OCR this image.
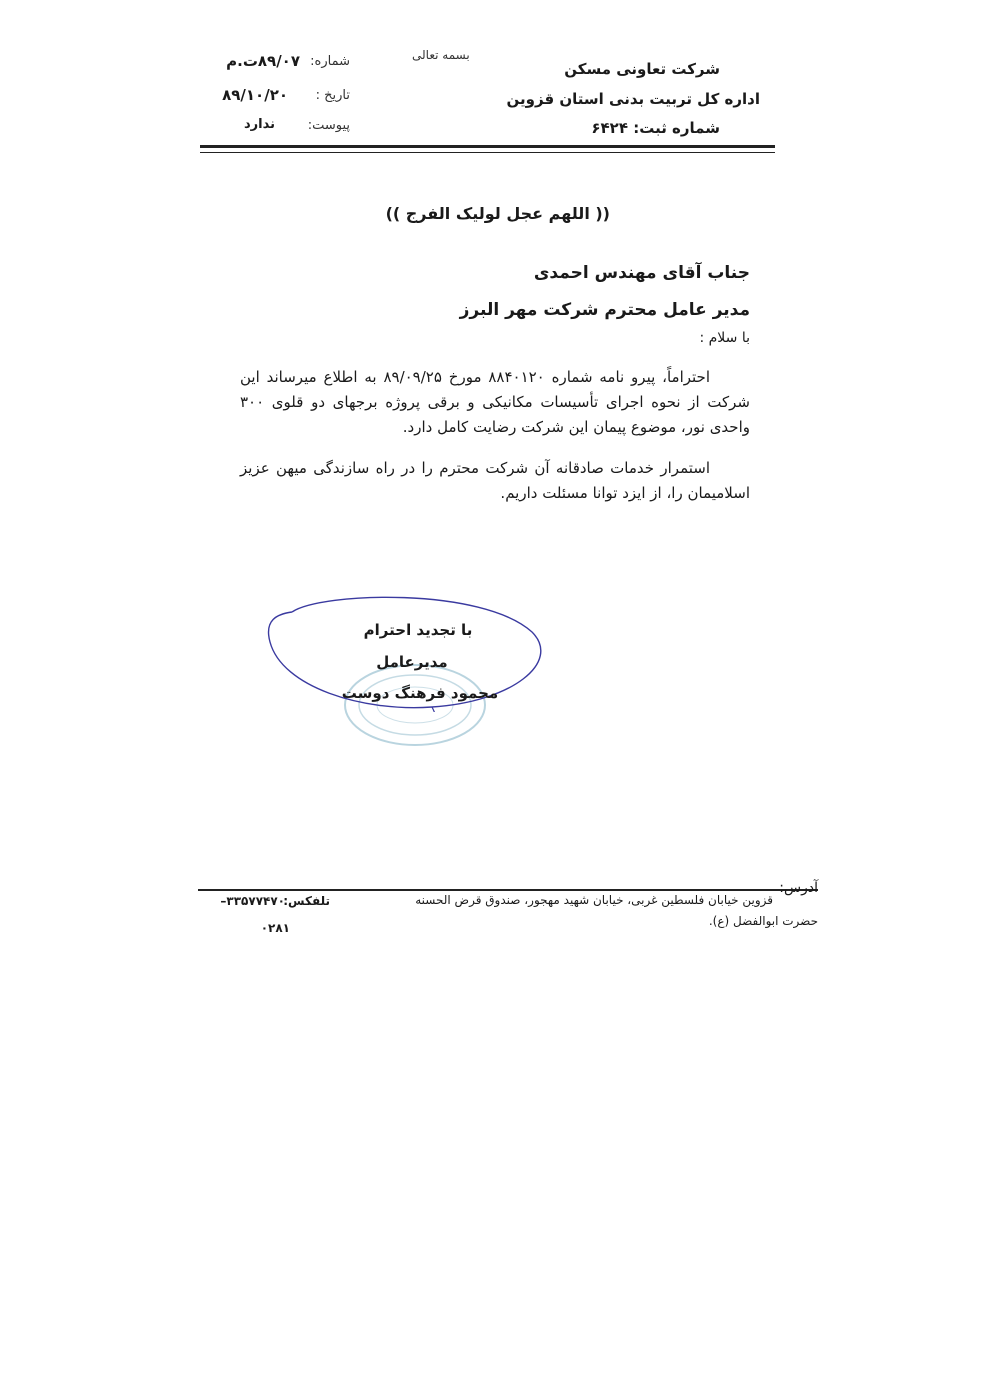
بسمه تعالی
شرکت تعاونی مسکن
اداره کل تربیت بدنی استان قزوین
شماره ثبت: ۶۴۲۴
شماره:
۸۹/۰۷ت.م
تاریخ :
۸۹/۱۰/۲۰
پیوست:
ندارد
(( اللهم عجل لولیک الفرج ))
جناب آقای مهندس احمدی
مدیر عامل محترم شرکت مهر البرز
با سلام :
احتراماً، پیرو نامه شماره ۸۸۴۰۱۲۰ مورخ ۸۹/۰۹/۲۵ به اطلاع میرساند این شرکت از نحوه اجرای تأسیسات مکانیکی و برقی پروژه برجهای دو قلوی ۳۰۰ واحدی نور، موضوع پیمان این شرکت رضایت کامل دارد.
استمرار خدمات صادقانه آن شرکت محترم را در راه سازندگی میهن عزیز اسلامیمان را، از ایزد توانا مسئلت داریم.
با تجدید احترام
مدیرعامل
محمود فرهنگ دوست
آدرس:
قزوین خیابان فلسطین غربی، خیابان شهید مهجور، صندوق قرض الحسنه
حضرت ابوالفضل (ع).
تلفکس:
۳۳۵۷۷۴۷۰–
۰۲۸۱
